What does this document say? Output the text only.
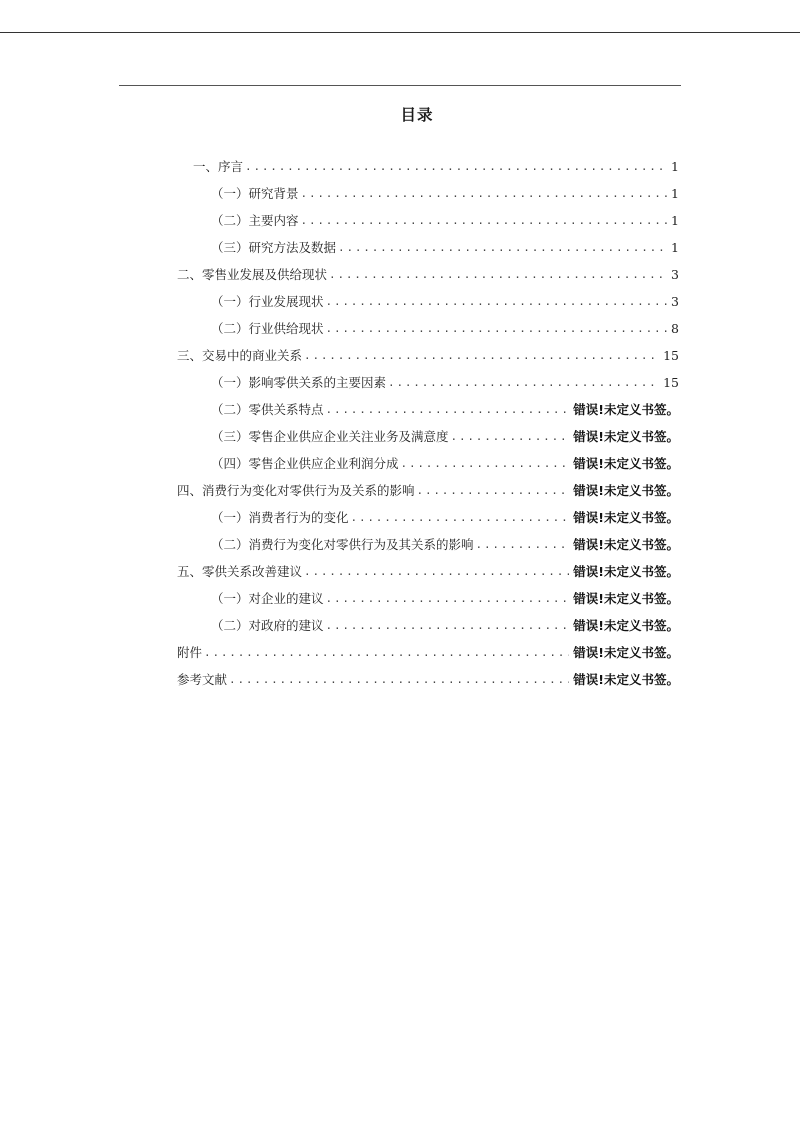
目录
一、序言 .....	1
（一）研究背景 .....	1
（二）主要内容 .....	1
（三）研究方法及数据 .....	1
二、零售业发展及供给现状 .....	3
（一）行业发展现状 .....	3
（二）行业供给现状 .....	8
三、交易中的商业关系 .....	15
（一）影响零供关系的主要因素 .....	15
（二）零供关系特点 .....	错误!未定义书签。
（三）零售企业供应企业关注业务及满意度 .....	错误!未定义书签。
（四）零售企业供应企业利润分成 .....	错误!未定义书签。
四、消费行为变化对零供行为及关系的影响 .....	错误!未定义书签。
（一）消费者行为的变化 .....	错误!未定义书签。
（二）消费行为变化对零供行为及其关系的影响 .....	错误!未定义书签。
五、零供关系改善建议 .....	错误!未定义书签。
（一）对企业的建议 .....	错误!未定义书签。
（二）对政府的建议 .....	错误!未定义书签。
附件 .....	错误!未定义书签。
参考文献 .....	错误!未定义书签。
